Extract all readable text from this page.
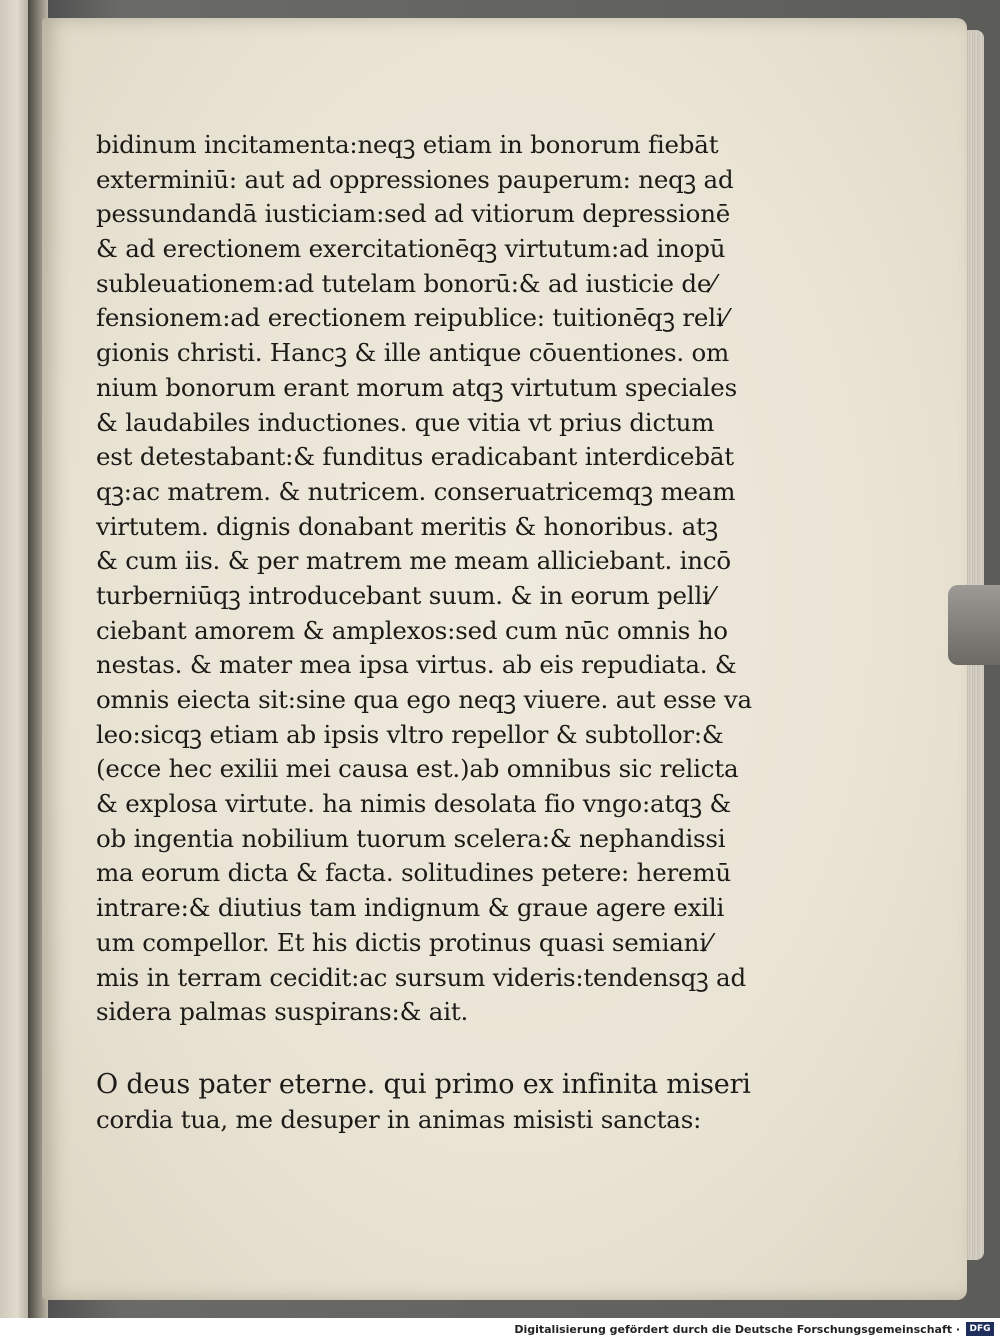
bidinum incitamenta:neqꝫ etiam in bonorum fiebāt
exterminiū: aut ad oppressiones pauperum: neqꝫ ad
pessundandā iusticiam:sed ad vitiorum depressionē
& ad erectionem exercitationēqꝫ virtutum:ad inopū
subleuationem:ad tutelam bonorū:& ad iusticie de⁄
fensionem:ad erectionem reipublice: tuitionēqꝫ reli⁄
gionis christi. Hancꝫ & ille antique cōuentiones. om
nium bonorum erant morum atqꝫ virtutum speciales
& laudabiles inductiones. que vitia vt prius dictum
est detestabant:& funditus eradicabant interdicebāt
qꝫ:ac matrem. & nutricem. conseruatricemqꝫ meam
virtutem. dignis donabant meritis & honoribus. atꝫ
& cum iis. & per matrem me meam alliciebant. incō
turberniūqꝫ introducebant suum. & in eorum pelli⁄
ciebant amorem & amplexos:sed cum nūc omnis ho
nestas. & mater mea ipsa virtus. ab eis repudiata. &
omnis eiecta sit:sine qua ego neqꝫ viuere. aut esse va
leo:sicqꝫ etiam ab ipsis vltro repellor & subtollor:&
(ecce hec exilii mei causa est.)ab omnibus sic relicta
& explosa virtute. ha nimis desolata fio vngo:atqꝫ &
ob ingentia nobilium tuorum scelera:& nephandissi
ma eorum dicta & facta. solitudines petere: heremū
intrare:& diutius tam indignum & graue agere exili
um compellor. Et his dictis protinus quasi semiani⁄
mis in terram cecidit:ac sursum videris:tendensqꝫ ad
sidera palmas suspirans:& ait.
O deus pater eterne. qui primo ex infinita miseri
cordia tua, me desuper in animas misisti sanctas:
Digitalisierung gefördert durch die Deutsche Forschungsgemeinschaft ·	DFG
